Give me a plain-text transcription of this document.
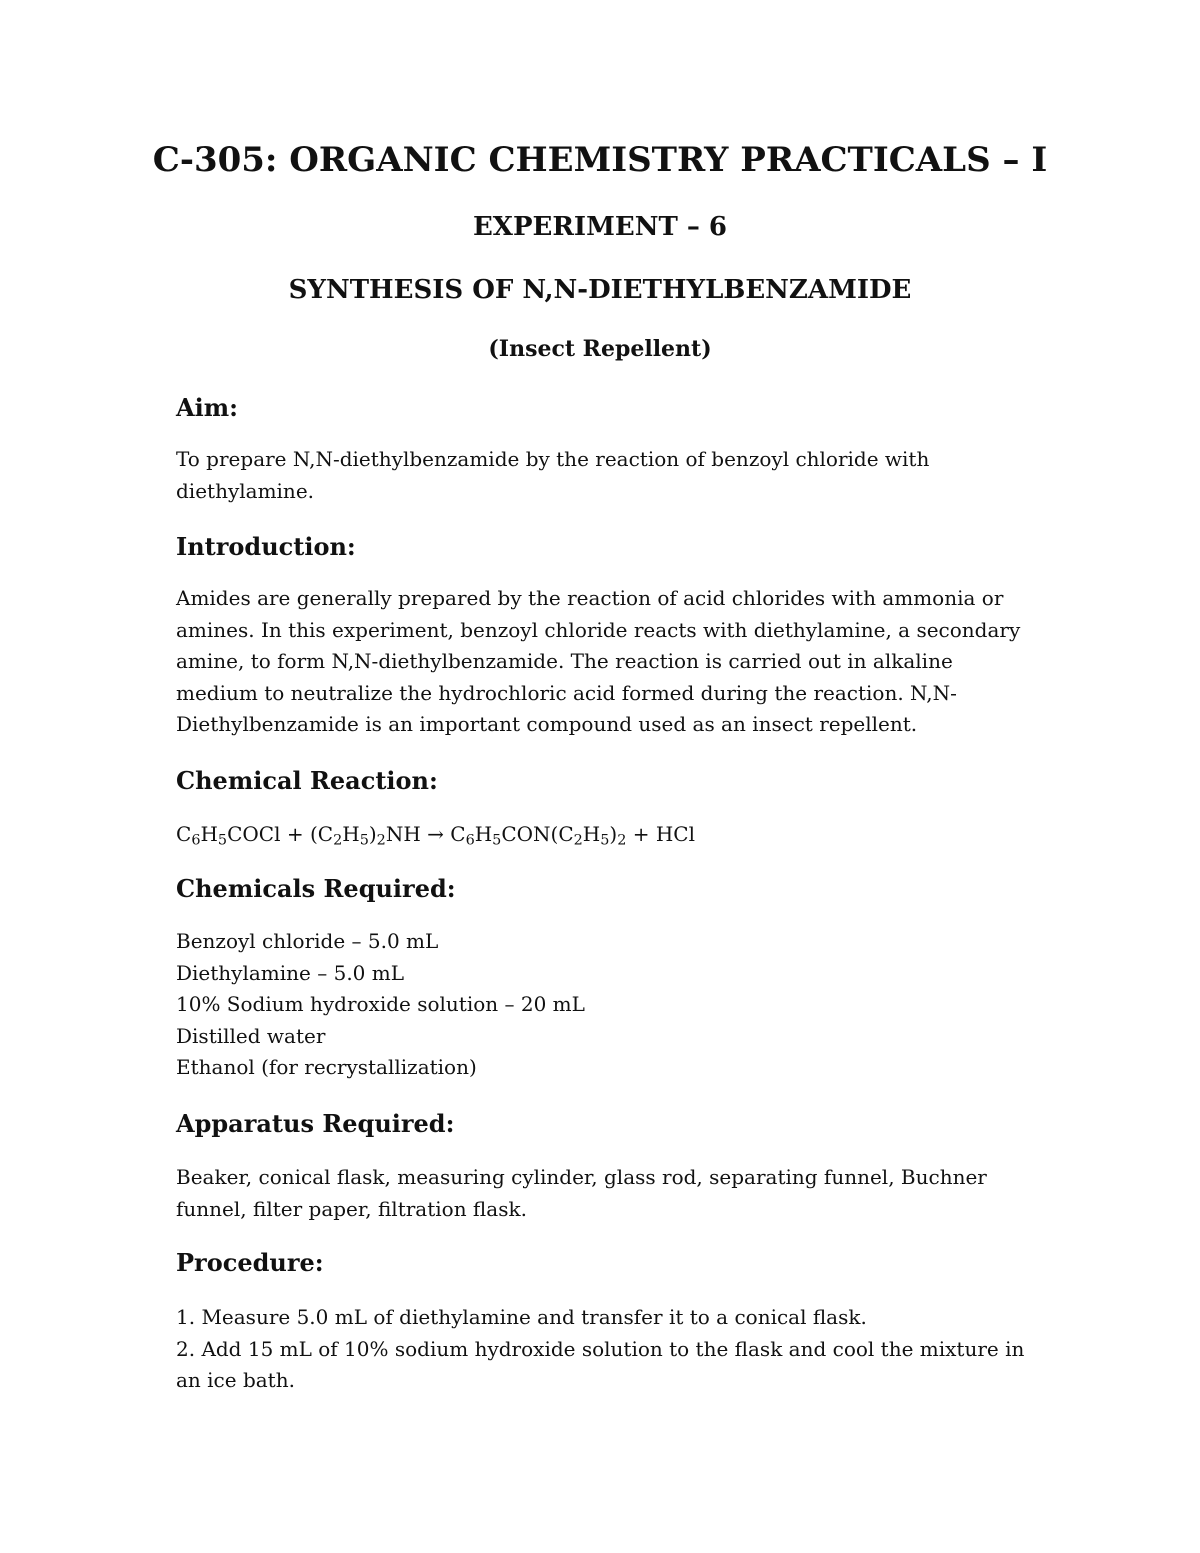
C-305: ORGANIC CHEMISTRY PRACTICALS – I
EXPERIMENT – 6
SYNTHESIS OF N,N-DIETHYLBENZAMIDE
(Insect Repellent)
Aim:
To prepare N,N-diethylbenzamide by the reaction of benzoyl chloride with
diethylamine.
Introduction:
Amides are generally prepared by the reaction of acid chlorides with ammonia or
amines. In this experiment, benzoyl chloride reacts with diethylamine, a secondary
amine, to form N,N-diethylbenzamide. The reaction is carried out in alkaline
medium to neutralize the hydrochloric acid formed during the reaction. N,N-
Diethylbenzamide is an important compound used as an insect repellent.
Chemical Reaction:
$C_6H_5COCl + (C_2H_5)_2NH \to C_6H_5CON(C_2H_5)_2$ + HCl
Chemicals Required:
Benzoyl chloride – 5.0 mL
Diethylamine – 5.0 mL
10% Sodium hydroxide solution – 20 mL
Distilled water
Ethanol (for recrystallization)
Apparatus Required:
Beaker, conical flask, measuring cylinder, glass rod, separating funnel, Buchner
funnel, filter paper, filtration flask.
Procedure:
1. Measure 5.0 mL of diethylamine and transfer it to a conical flask.
2. Add 15 mL of 10% sodium hydroxide solution to the flask and cool the mixture in
an ice bath.
